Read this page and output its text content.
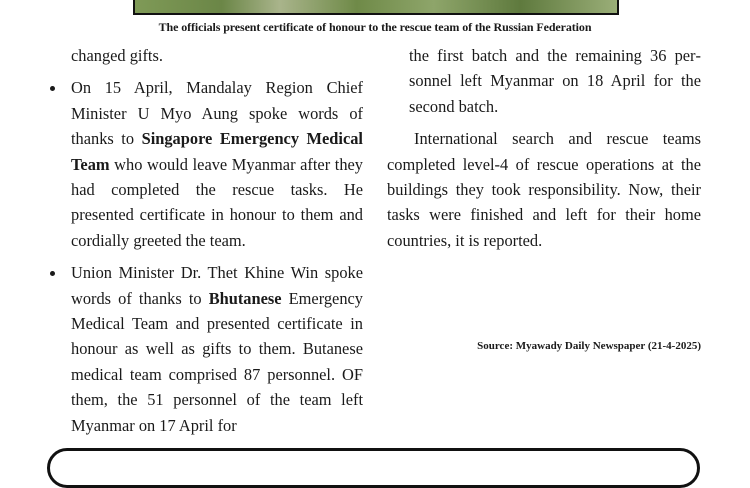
The officials present certificate of honour to the rescue team of the Russian Federation

changed gifts.

On 15 April, Mandalay Region Chief Minister U Myo Aung spoke words of thanks to Singapore Emergency Medical Team who would leave Myanmar after they had completed the rescue tasks. He presented certificate in honour to them and cordially greeted the team.
Union Minister Dr. Thet Khine Win spoke words of thanks to Bhutanese Emergency Medical Team and presented certificate in honour as well as gifts to them. Butanese medical team comprised 87 personnel. OF them, the 51 personnel of the team left Myanmar on 17 April for

the first batch and the remaining 36 personnel left Myanmar on 18 April for the second batch.

International search and rescue teams completed level-4 of rescue operations at the buildings they took responsibility. Now, their tasks were finished and left for their home countries, it is reported.

Source: Myawady Daily Newspaper (21-4-2025)
